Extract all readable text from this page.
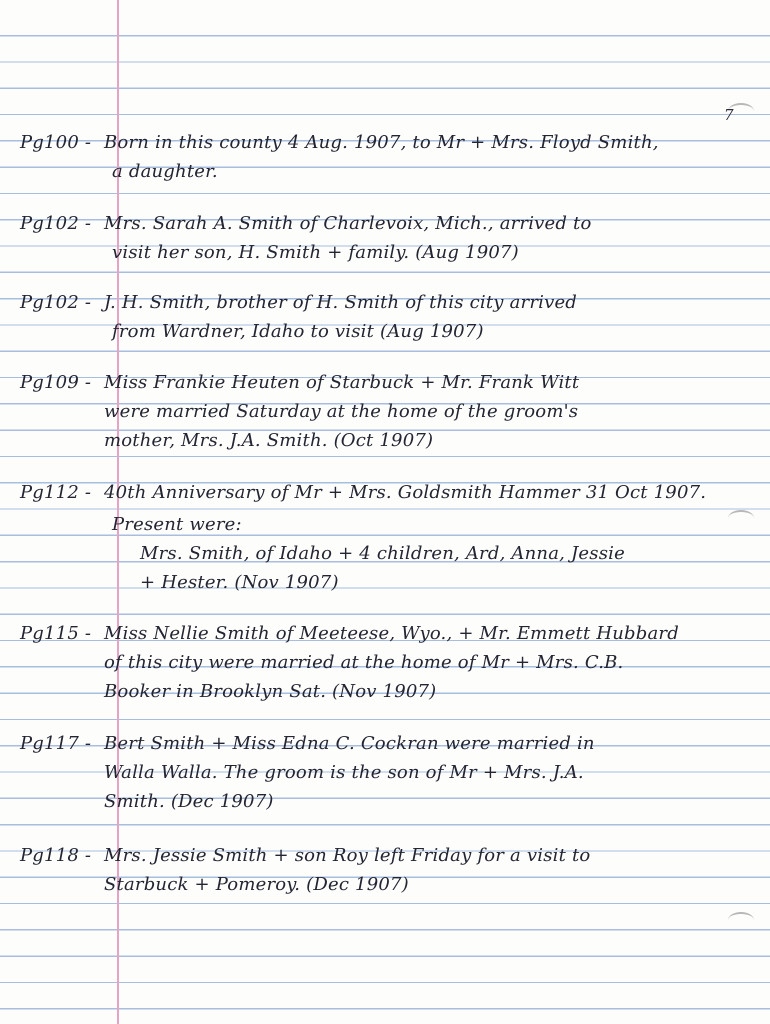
7
Pg100 - Born in this county 4 Aug. 1907, to Mr + Mrs. Floyd Smith,
a daughter.
Pg102 - Mrs. Sarah A. Smith of Charlevoix, Mich., arrived to
visit her son, H. Smith + family. (Aug 1907)
Pg102 - J. H. Smith, brother of H. Smith of this city arrived
from Wardner, Idaho to visit (Aug 1907)
Pg109 - Miss Frankie Heuten of Starbuck + Mr. Frank Witt
were married Saturday at the home of the groom's
mother, Mrs. J.A. Smith. (Oct 1907)
Pg112 - 40th Anniversary of Mr + Mrs. Goldsmith Hammer 31 Oct 1907.
Present were:
Mrs. Smith, of Idaho + 4 children, Ard, Anna, Jessie
+ Hester. (Nov 1907)
Pg115 - Miss Nellie Smith of Meeteese, Wyo., + Mr. Emmett Hubbard
of this city were married at the home of Mr + Mrs. C.B.
Booker in Brooklyn Sat. (Nov 1907)
Pg117 - Bert Smith + Miss Edna C. Cockran were married in
Walla Walla. The groom is the son of Mr + Mrs. J.A.
Smith. (Dec 1907)
Pg118 - Mrs. Jessie Smith + son Roy left Friday for a visit to
Starbuck + Pomeroy. (Dec 1907)
